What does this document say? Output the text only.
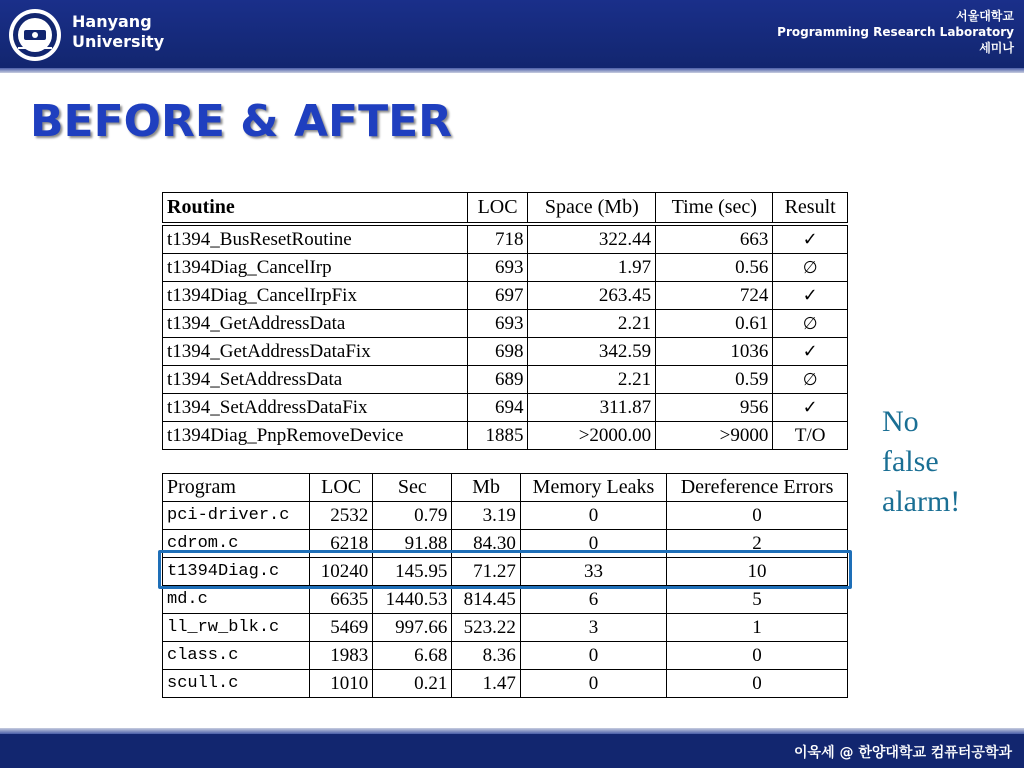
Hanyang
University
서울대학교
Programming Research Laboratory
세미나
BEFORE & AFTER
Routine	LOC	Space (Mb)	Time (sec)	Result
t1394_BusResetRoutine	718	322.44	663	✓
t1394Diag_CancelIrp	693	1.97	0.56	∅
t1394Diag_CancelIrpFix	697	263.45	724	✓
t1394_GetAddressData	693	2.21	0.61	∅
t1394_GetAddressDataFix	698	342.59	1036	✓
t1394_SetAddressData	689	2.21	0.59	∅
t1394_SetAddressDataFix	694	311.87	956	✓
t1394Diag_PnpRemoveDevice	1885	>2000.00	>9000	T/O
Program	LOC	Sec	Mb	Memory Leaks	Dereference Errors
pci-driver.c	2532	0.79	3.19	0	0
cdrom.c	6218	91.88	84.30	0	2
t1394Diag.c	10240	145.95	71.27	33	10
md.c	6635	1440.53	814.45	6	5
ll_rw_blk.c	5469	997.66	523.22	3	1
class.c	1983	6.68	8.36	0	0
scull.c	1010	0.21	1.47	0	0
No
false
alarm!
이욱세 @ 한양대학교 컴퓨터공학과
